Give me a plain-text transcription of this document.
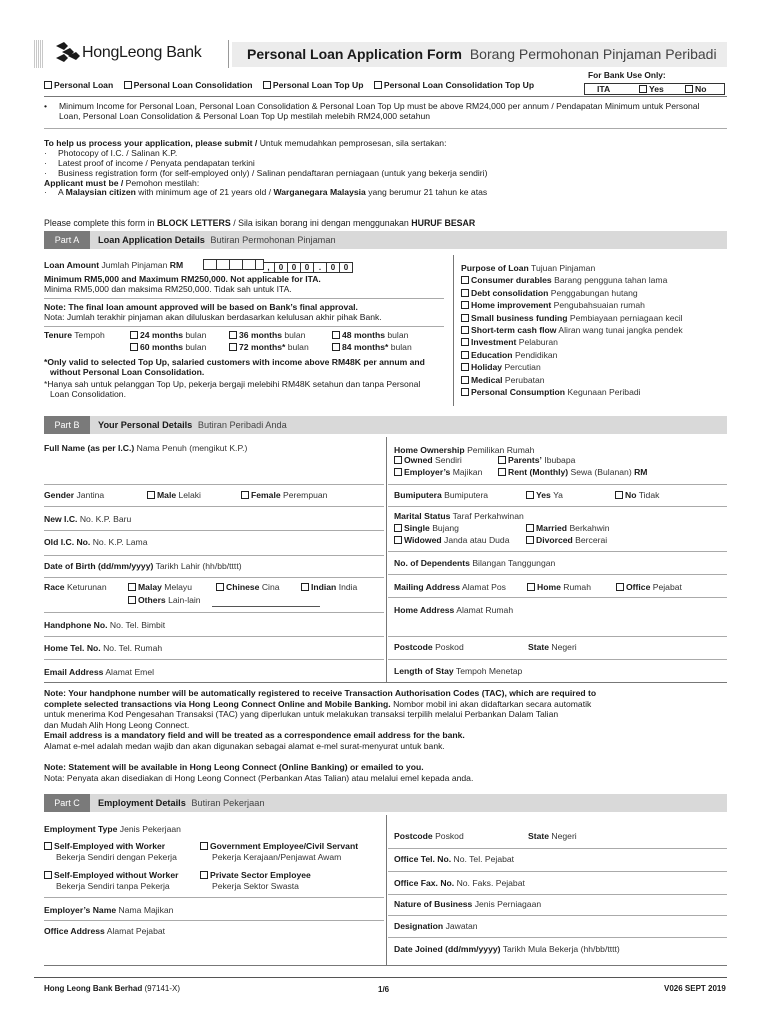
HongLeong Bank	Personal Loan Application Form Borang Permohonan Pinjaman Peribadi
For Bank Use Only:
ITA	Yes	No
Personal Loan Personal Loan Consolidation Personal Loan Top Up Personal Loan Consolidation Top Up
• Minimum Income for Personal Loan, Personal Loan Consolidation & Personal Loan Top Up must be above RM24,000 per annum / Pendapatan Minimum untuk Personal
Loan, Personal Loan Consolidation & Personal Loan Top Up mestilah melebih RM24,000 setahun
To help us process your application, please submit / Untuk memudahkan pemprosesan, sila sertakan:
· Photocopy of I.C. / Salinan K.P.
· Latest proof of income / Penyata pendapatan terkini
· Business registration form (for self-employed only) / Salinan pendaftaran perniagaan (untuk yang bekerja sendiri)
Applicant must be / Pemohon mestilah:
· A Malaysian citizen with minimum age of 21 years old / Warganegara Malaysia yang berumur 21 tahun ke atas
Please complete this form in BLOCK LETTERS / Sila isikan borang ini dengan menggunakan HURUF BESAR
Part A	Loan Application Details Butiran Permohonan Pinjaman
Loan Amount Jumlah Pinjaman RM	, 0 0 0 . 0 0
Minimum RM5,000 and Maximum RM250,000. Not applicable for ITA.
Minima RM5,000 dan maksima RM250,000. Tidak sah untuk ITA.
Note: The final loan amount approved will be based on Bank’s final approval.
Nota: Jumlah terakhir pinjaman akan diluluskan berdasarkan kelulusan akhir pihak Bank.
Tenure Tempoh	24 months bulan	36 months bulan	48 months bulan
60 months bulan	72 months* bulan	84 months* bulan
*Only valid to selected Top Up, salaried customers with income above RM48K per annum and
without Personal Loan Consolidation.
*Hanya sah untuk pelanggan Top Up, pekerja bergaji melebihi RM48K setahun dan tanpa Personal
Loan Consolidation.
Purpose of Loan Tujuan Pinjaman
Consumer durables Barang pengguna tahan lama
Debt consolidation Penggabungan hutang
Home improvement Pengubahsuaian rumah
Small business funding Pembiayaan perniagaan kecil
Short-term cash flow Aliran wang tunai jangka pendek
Investment Pelaburan
Education Pendidikan
Holiday Percutian
Medical Perubatan
Personal Consumption Kegunaan Peribadi
Part B	Your Personal Details Butiran Peribadi Anda
Full Name (as per I.C.) Nama Penuh (mengikut K.P.)
Gender Jantina	Male Lelaki	Female Perempuan
New I.C. No. K.P. Baru
Old I.C. No. No. K.P. Lama
Date of Birth (dd/mm/yyyy) Tarikh Lahir (hh/bb/tttt)
Race Keturunan	Malay Melayu	Chinese Cina	Indian India
Others Lain-lain
Handphone No. No. Tel. Bimbit
Home Tel. No. No. Tel. Rumah
Email Address Alamat Emel
Home Ownership Pemilikan Rumah
Owned Sendiri	Parents’ Ibubapa
Employer’s Majikan	Rent (Monthly) Sewa (Bulanan) RM
Bumiputera Bumiputera	Yes Ya	No Tidak
Marital Status Taraf Perkahwinan
Single Bujang	Married Berkahwin
Widowed Janda atau Duda	Divorced Bercerai
No. of Dependents Bilangan Tanggungan
Mailing Address Alamat Pos	Home Rumah	Office Pejabat
Home Address Alamat Rumah
Postcode Poskod	State Negeri
Length of Stay Tempoh Menetap
Note: Your handphone number will be automatically registered to receive Transaction Authorisation Codes (TAC), which are required to
complete selected transactions via Hong Leong Connect Online and Mobile Banking. Nombor mobil ini akan didaftarkan secara automatik
untuk menerima Kod Pengesahan Transaksi (TAC) yang diperlukan untuk melakukan transaksi terpilih melalui Perbankan Dalam Talian
dan Mudah Alih Hong Leong Connect.
Email address is a mandatory field and will be treated as a correspondence email address for the bank.
Alamat e-mel adalah medan wajib dan akan digunakan sebagai alamat e-mel surat-menyurat untuk bank.
Note: Statement will be available in Hong Leong Connect (Online Banking) or emailed to you.
Nota: Penyata akan disediakan di Hong Leong Connect (Perbankan Atas Talian) atau melalui emel kepada anda.
Part C	Employment Details Butiran Pekerjaan
Employment Type Jenis Pekerjaan
Self-Employed with Worker
Bekerja Sendiri dengan Pekerja
Self-Employed without Worker
Bekerja Sendiri tanpa Pekerja
Government Employee/Civil Servant
Pekerja Kerajaan/Penjawat Awam
Private Sector Employee
Pekerja Sektor Swasta
Employer’s Name Nama Majikan
Office Address Alamat Pejabat
Postcode Poskod	State Negeri
Office Tel. No. No. Tel. Pejabat
Office Fax. No. No. Faks. Pejabat
Nature of Business Jenis Perniagaan
Designation Jawatan
Date Joined (dd/mm/yyyy) Tarikh Mula Bekerja (hh/bb/tttt)
Hong Leong Bank Berhad (97141-X)	1/6	V026 SEPT 2019
